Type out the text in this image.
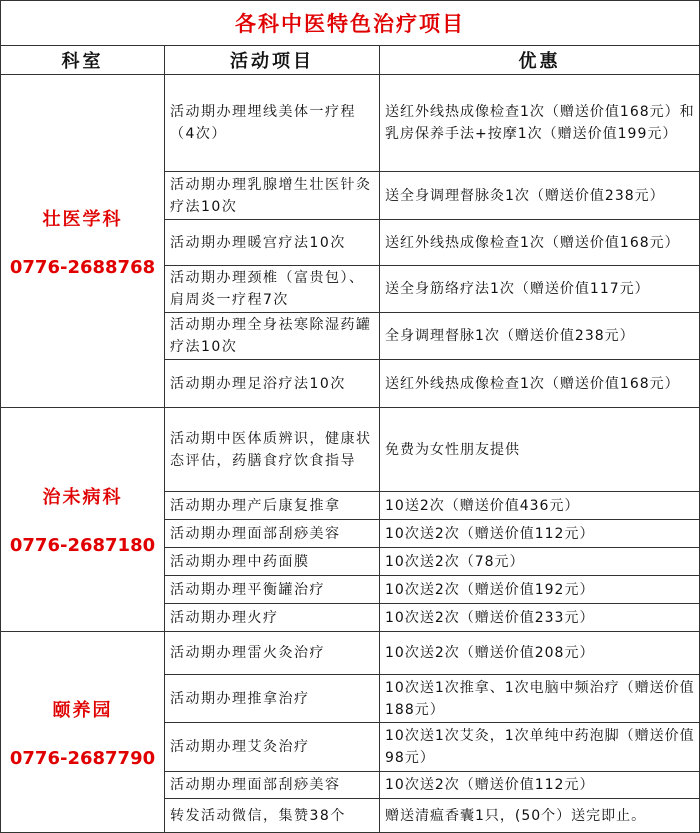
各科中医特色治疗项目		
科室	活动项目	优惠

壮医学科
0776-2688768	活动期办理埋线美体一疗程（4次）	送红外线热成像检查1次（赠送价值168元）和乳房保养手法+按摩1次（赠送价值199元）
	活动期办理乳腺增生壮医针灸疗法10次	送全身调理督脉灸1次（赠送价值238元）
	活动期办理暖宫疗法10次	送红外线热成像检查1次（赠送价值168元）
	活动期办理颈椎（富贵包）、肩周炎一疗程7次	送全身筋络疗法1次（赠送价值117元）
	活动期办理全身祛寒除湿药罐疗法10次	全身调理督脉1次（赠送价值238元）
	活动期办理足浴疗法10次	送红外线热成像检查1次（赠送价值168元）

治未病科
0776-2687180	活动期中医体质辨识，健康状态评估，药膳食疗饮食指导	免费为女性朋友提供
	活动期办理产后康复推拿	10送2次（赠送价值436元）
	活动期办理面部刮痧美容	10次送2次（赠送价值112元）
	活动期办理中药面膜	10次送2次（78元）
	活动期办理平衡罐治疗	10次送2次（赠送价值192元）
	活动期办理火疗	10次送2次（赠送价值233元）

颐养园
0776-2687790	活动期办理雷火灸治疗	10次送2次（赠送价值208元）
	活动期办理推拿治疗	10次送1次推拿、1次电脑中频治疗（赠送价值188元）
	活动期办理艾灸治疗	10次送1次艾灸，1次单纯中药泡脚（赠送价值98元）
	活动期办理面部刮痧美容	10次送2次（赠送价值112元）
	转发活动微信，集赞38个	赠送清瘟香囊1只，(50个）送完即止。
